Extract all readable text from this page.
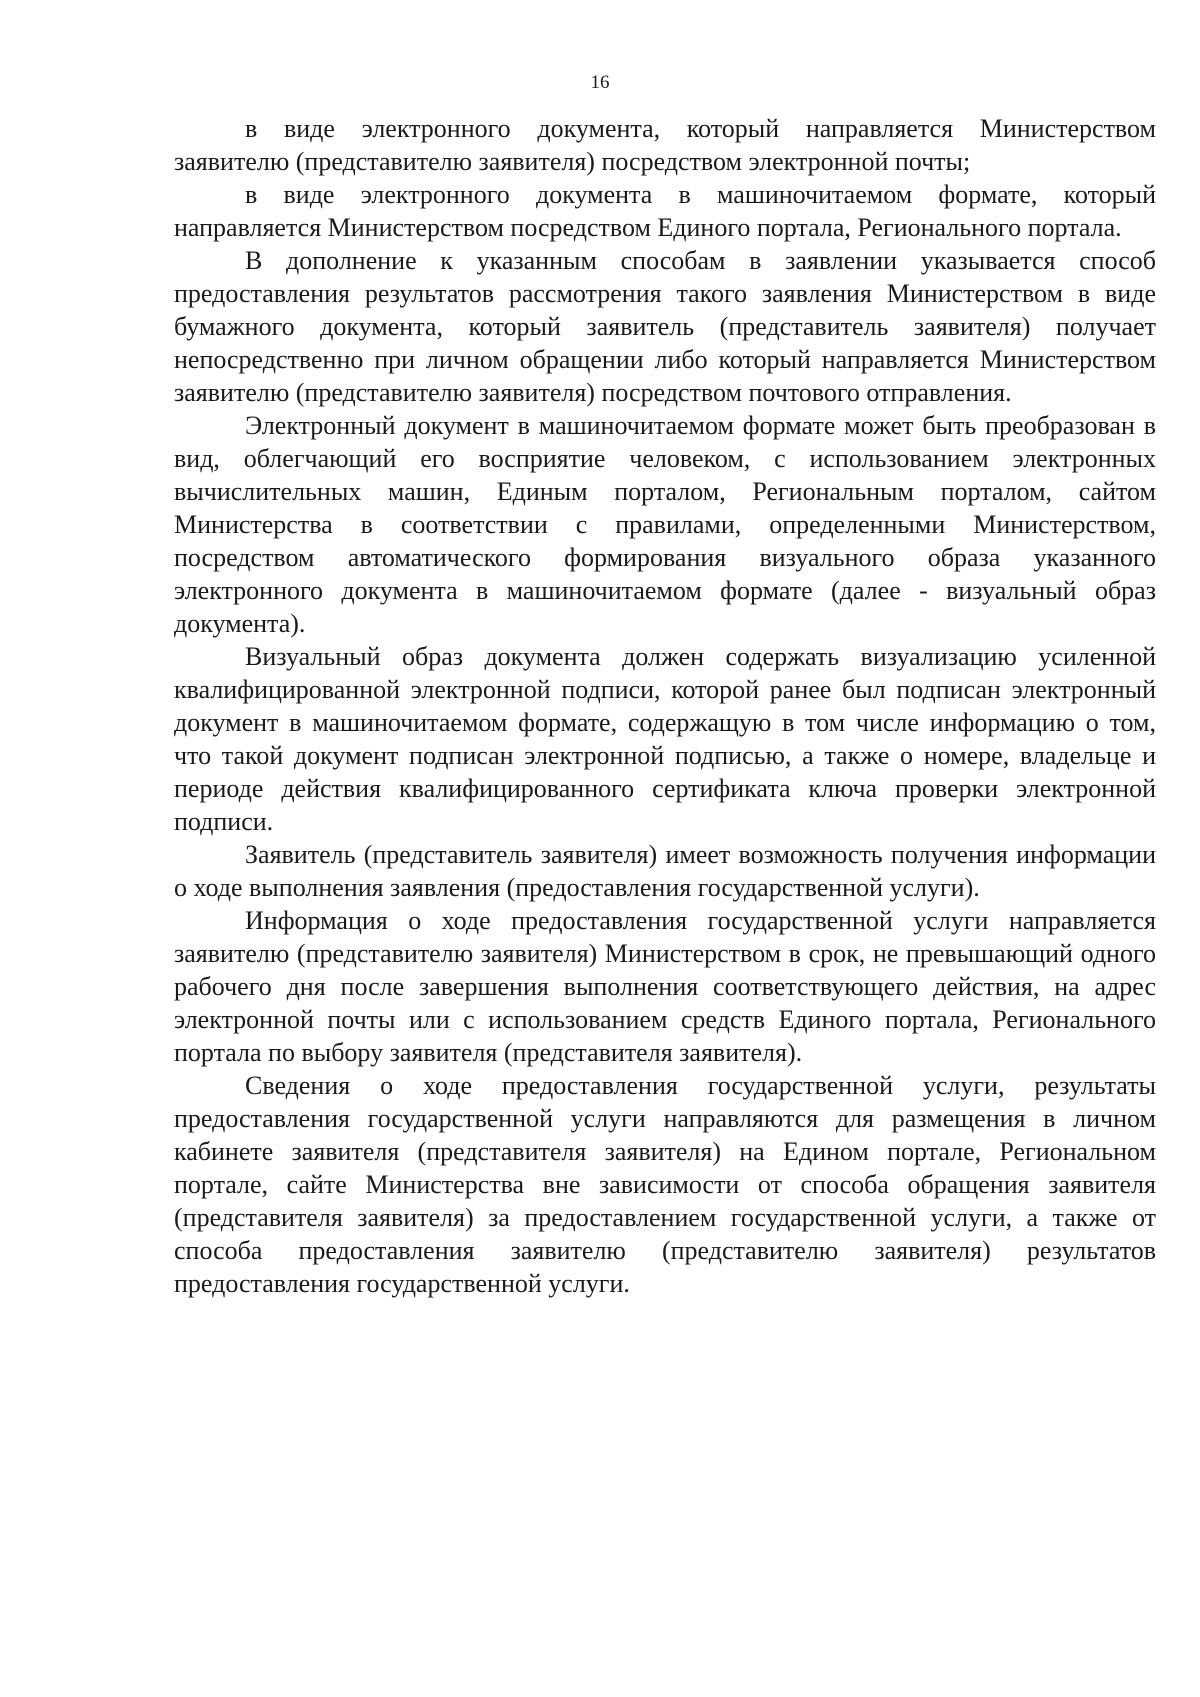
16

в виде электронного документа, который направляется Министерством заявителю (представителю заявителя) посредством электронной почты;

в виде электронного документа в машиночитаемом формате, который направляется Министерством посредством Единого портала, Регионального портала.

В дополнение к указанным способам в заявлении указывается способ предоставления результатов рассмотрения такого заявления Министерством в виде бумажного документа, который заявитель (представитель заявителя) получает непосредственно при личном обращении либо который направляется Министерством заявителю (представителю заявителя) посредством почтового отправления.

Электронный документ в машиночитаемом формате может быть преобразован в вид, облегчающий его восприятие человеком, с использованием электронных вычислительных машин, Единым порталом, Региональным порталом, сайтом Министерства в соответствии с правилами, определенными Министерством, посредством автоматического формирования визуального образа указанного электронного документа в машиночитаемом формате (далее - визуальный образ документа).

Визуальный образ документа должен содержать визуализацию усиленной квалифицированной электронной подписи, которой ранее был подписан электронный документ в машиночитаемом формате, содержащую в том числе информацию о том, что такой документ подписан электронной подписью, а также о номере, владельце и периоде действия квалифицированного сертификата ключа проверки электронной подписи.

Заявитель (представитель заявителя) имеет возможность получения информации о ходе выполнения заявления (предоставления государственной услуги).

Информация о ходе предоставления государственной услуги направляется заявителю (представителю заявителя) Министерством в срок, не превышающий одного рабочего дня после завершения выполнения соответствующего действия, на адрес электронной почты или с использованием средств Единого портала, Регионального портала по выбору заявителя (представителя заявителя).

Сведения о ходе предоставления государственной услуги, результаты предоставления государственной услуги направляются для размещения в личном кабинете заявителя (представителя заявителя) на Едином портале, Региональном портале, сайте Министерства вне зависимости от способа обращения заявителя (представителя заявителя) за предоставлением государственной услуги, а также от способа предоставления заявителю (представителю заявителя) результатов предоставления государственной услуги.
